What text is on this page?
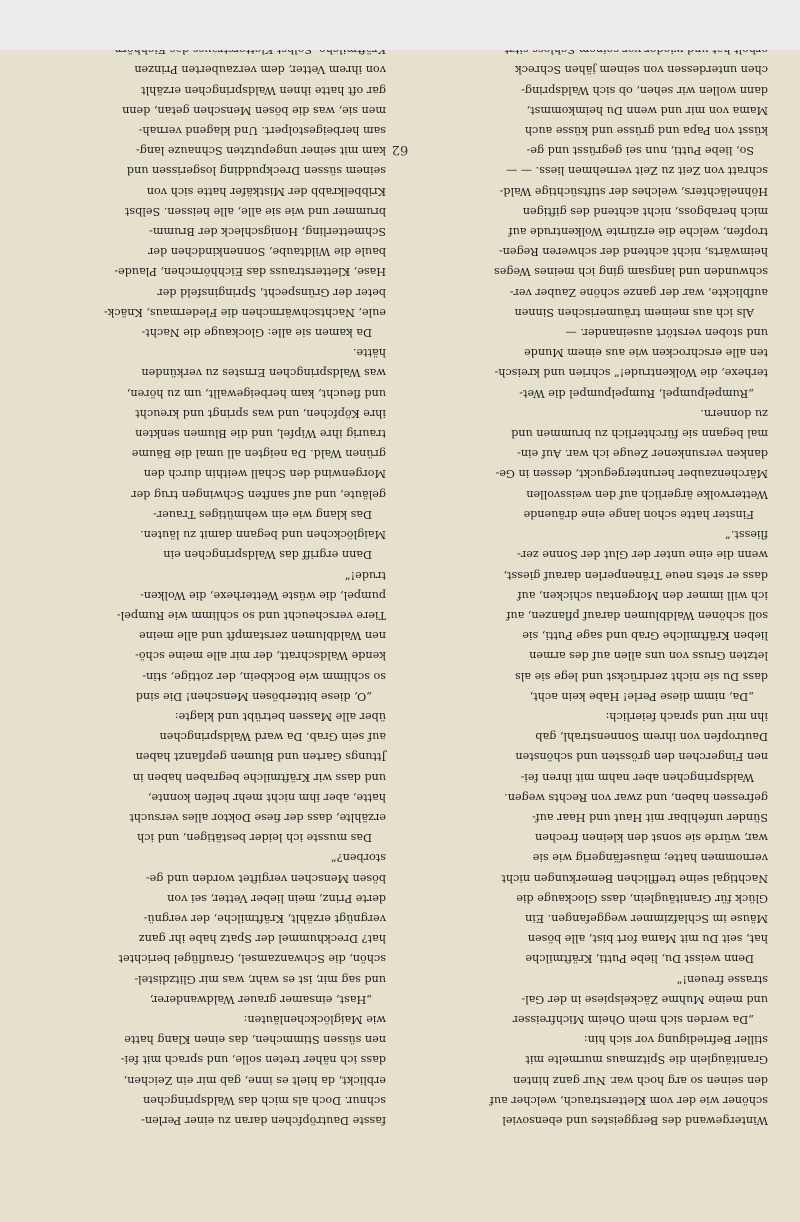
Wintergewand des Berggeistes und ebensoviel
schöner wie der vom Kletterstrauch, welcher auf
den seinen so arg hoch war. Nur ganz hinten
Granitäuglein die Spitzmaus murmelte mit
stiller Befriedigung vor sich hin:
„Da werden sich mein Oheim Michfreisser
und meine Muhme Zäckelspiese in der Gal-
strasse freuen!“
Denn weisst Du, liebe Putti, Kräftmilche
hat, seit Du mit Mama fort bist, alle bösen
Mäuse im Schlafzimmer weggefangen. Ein
Glück für Granitäuglein, dass Glockauge die
Nachtigal seine trefflichen Bemerkungen nicht
vernommen hatte; mäusefängerig wie sie
war, würde sie sonst den kleinen frechen
Sünder unfehlbar mit Haut und Haar auf-
gefressen haben, und zwar von Rechts wegen.
Waldspringchen aber nahm mit ihren fei-
nen Fingerchen den grössten und schönsten
Dautropfen von ihrem Sonnenstrahl, gab
ihn mir und sprach feierlich:
„Da, nimm diese Perle! Habe kein acht,
dass Du sie nicht zerdrückst und lege sie als
letzten Gruss von uns allen auf des armen
lieben Kräftmilche Grab und sage Putti, sie
soll schönen Waldblumen darauf pflanzen, auf
ich will immer den Morgentau schicken, auf
dass er stets neue Tränenperlen darauf giesst,
wenn die eine unter der Glut der Sonne zer-
fliesst.“
Finster hatte schon lange eine dräuende
Wetterwolke ärgerlich auf den weissvollen
Märchenzauber heruntergeguckt, dessen in Ge-
danken versunkener Zeuge ich war. Auf ein-
mal begann sie fürchterlich zu brummen und
zu donnern.
„Rumpelpumpel, Rumpelpumpel die Wet-
terhexe, die Wolkentrude!“ schrien und kreisch-
ten alle erschrocken wie aus einem Munde
und stoben verstört auseinander. —
Als ich aus meinem träumerischen Sinnen
aufblickte, war der ganze schöne Zauber ver-
schwunden und langsam ging ich meines Weges
heimwärts, nicht achtend der schweren Regen-
tropfen, welche die erzürnte Wolkentrude auf
mich herabgoss, nicht achtend des giftigen
Höhnelächters, welches der stiftsüchtige Wald-
schratt von Zeit zu Zeit vernehmen liess. — —
So, liebe Putti, nun sei gegrüsst und ge-
küsst von Papa und grüsse und küsse auch
Mama von mir und wenn Du heimkommst,
dann wollen wir sehen, ob sich Waldspring-
chen unterdessen von seinem jähen Schreck
fasste Dautröpfchen daran zu einer Perlen-
schnur. Doch als mich das Waldspringchen
erblickt, da hielt es inne, gab mir ein Zeichen,
dass ich näher treten solle, und sprach mit fei-
nen süssen Stimmchen, das einen Klang hatte
wie Maiglöckchenläuten:
„Hast, einsamer grauer Waldwanderer,
und sag mir, ist es wahr, was mir Glitzdistel-
schön, die Schwanzamsel, Grauflügel berichtet
hat? Dreckhummel der Spatz habe ihr ganz
vergnügt erzählt, Kräftmilche, der vergnü-
derte Prinz, mein lieber Vetter, sei von
bösen Menschen vergiftet worden und ge-
storben?“
Das musste ich leider bestätigen, und ich
erzählte, dass der fiese Doktor alles versucht
hatte, aber ihm nicht mehr helfen konnte,
und dass wir Kräftmilche begraben haben in
Jttungs Garten und Blumen gepflanzt haben
auf sein Grab. Da ward Waldspringchen
über alle Massen betrübt und klagte:
„O, diese bitterbösen Menschen! Die sind
so schlimm wie Bockbein, der zottige, stin-
kende Waldschratt, der mir alle meine schö-
nen Waldblumen zerstampft und alle meine
Tiere verscheucht und so schlimm wie Rumpel-
pumpel, die wüste Wetterhexe, die Wolken-
trude!“
Dann ergriff das Waldspringchen ein
Maiglöckchen und begann damit zu läuten.
Das klang wie ein wehmütiges Trauer-
geläute, und auf sanften Schwingen trug der
Morgenwind den Schall weithin durch den
grünen Wald. Da neigten all umal die Bäume
traurig ihre Wipfel, und die Blumen senkten
ihre Köpfchen, und was springt und kreucht
und fleucht, kam herbeigewallt, um zu hören,
was Waldspringchen Ernstes zu verkünden
hätte.
Da kamen sie alle: Glockauge die Nacht-
eule, Nachtschwärmchen die Fledermaus, Knäck-
beter der Grünspecht, Springinsfeld der
Hase, Kletterstrauss das Eichhörnchen, Plaude-
baule die Wildtaube, Sonnenkindchen der
Schmetterling, Honigschleck der Brumm-
brummer und wie sie alle, alle heissen. Selbst
Kribbelkrabb der Mistkäfer hatte sich von
seinem süssen Dreckpudding losgerissen und
kam mit seiner ungeputzten Schnauze lang-
sam herbeigestolpert. Und klagend vernah-
men sie, was die bösen Menschen getan, denn
gar oft hatte ihnen Waldspringchen erzählt
von ihrem Vetter, dem verzauberten Prinzen
62
